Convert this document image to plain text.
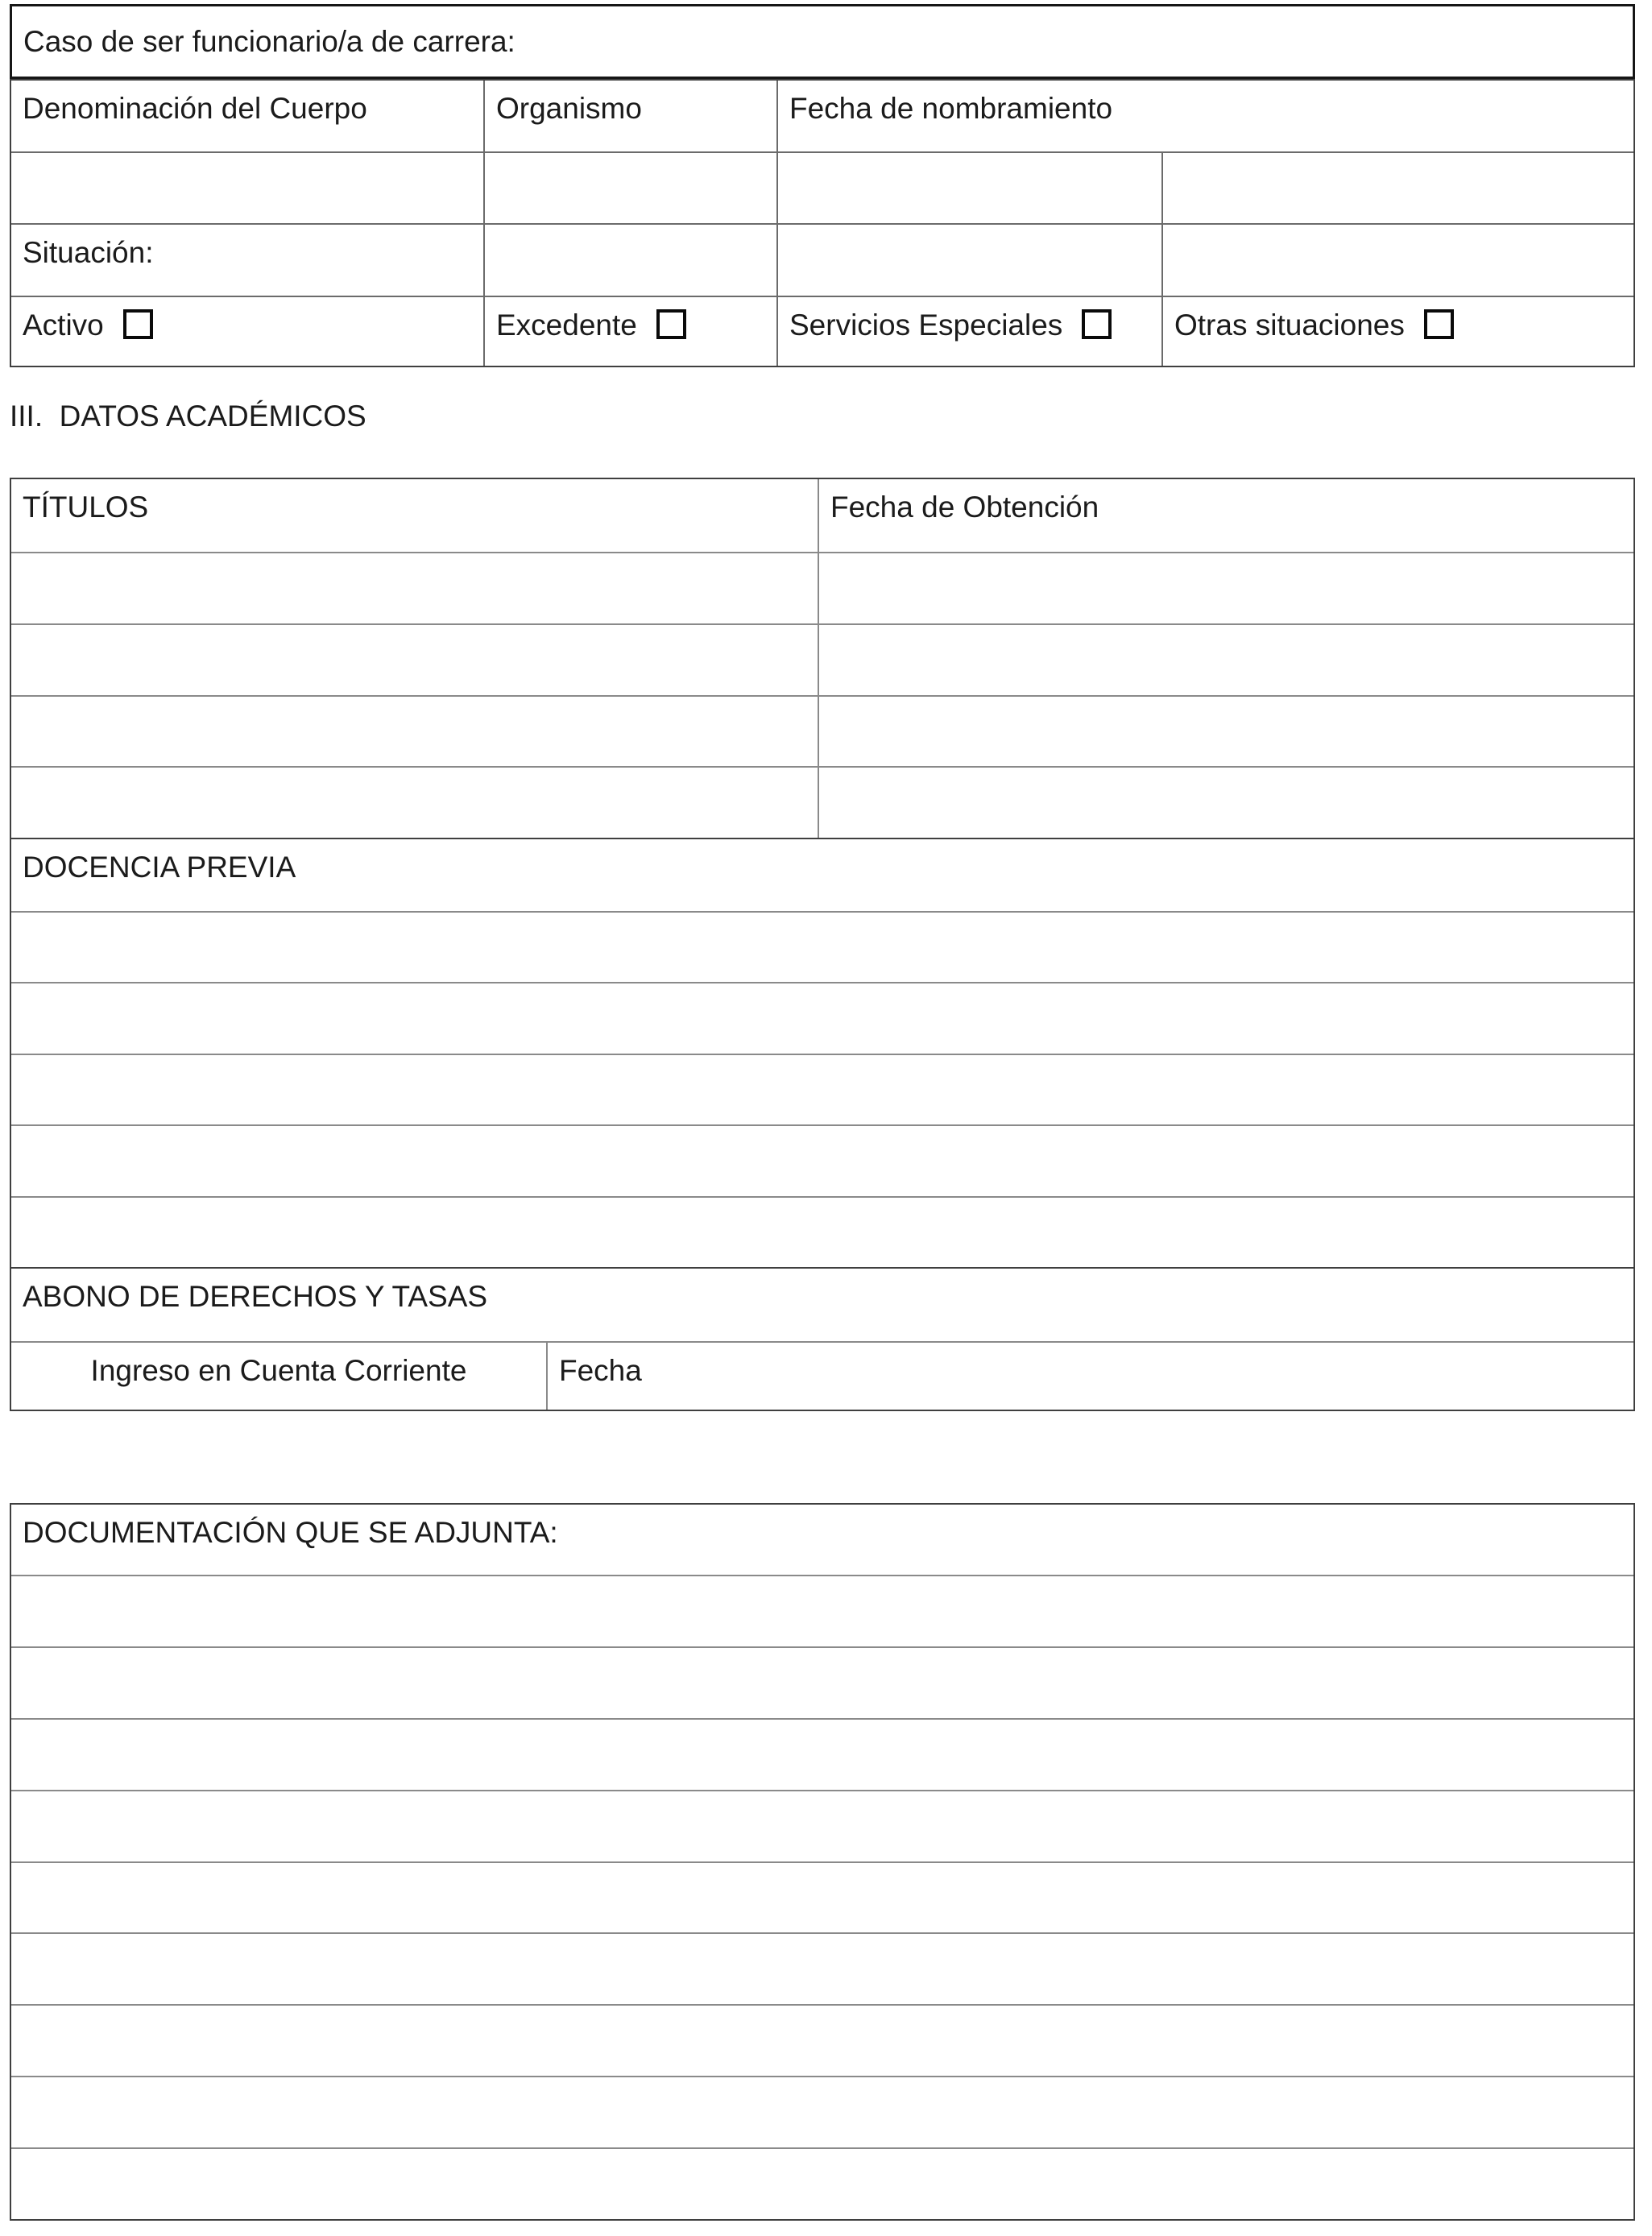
Caso de ser funcionario/a de carrera:
Denominación del Cuerpo	Organismo	Fecha de nombramiento
Situación:
Activo	Excedente	Servicios Especiales	Otras situaciones
III.  DATOS ACADÉMICOS
TÍTULOS	Fecha de Obtención
DOCENCIA PREVIA
ABONO DE DERECHOS Y TASAS
Ingreso en Cuenta Corriente	Fecha
DOCUMENTACIÓN QUE SE ADJUNTA:
